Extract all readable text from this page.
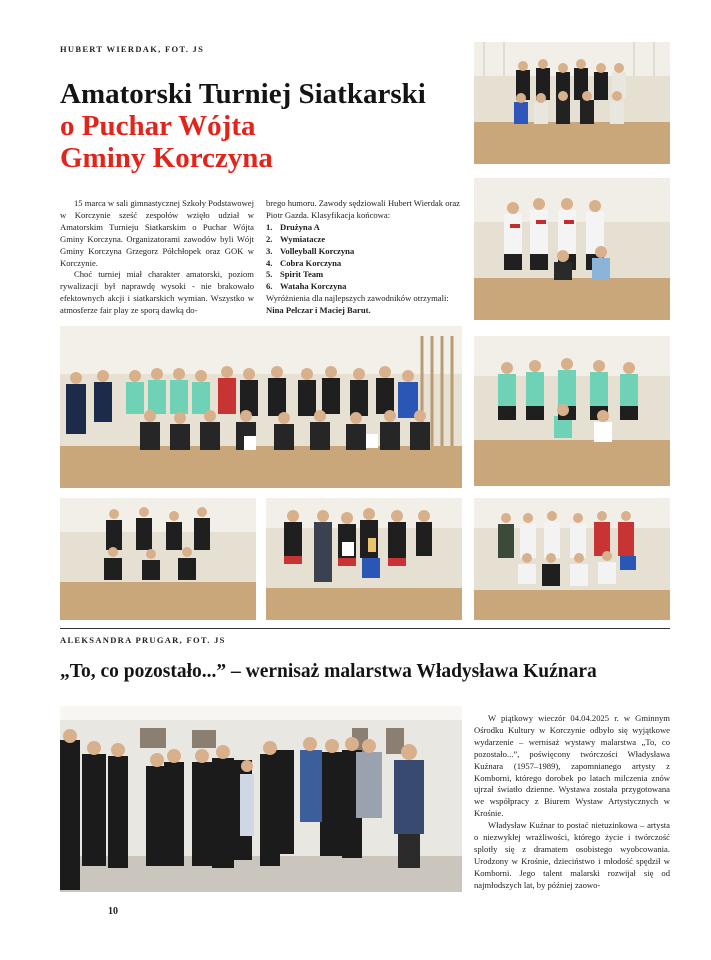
HUBERT WIERDAK, FOT. JS
Amatorski Turniej Siatkarski
o Puchar Wójta
Gminy Korczyna

15 marca w sali gimnastycznej Szkoły Podstawowej w Korczynie sześć zespołów wzięło udział w Amatorskim Turnieju Siatkarskim o Puchar Wójta Gminy Korczyna. Organizatorami zawodów byli Wójt Gminy Korczyna Grzegorz Półchłopek oraz GOK w Korczynie.

Choć turniej miał charakter amatorski, poziom rywalizacji był naprawdę wysoki - nie brakowało efektownych akcji i siatkarskich wymian. Wszystko w atmosferze fair play ze sporą dawką do-

brego humoru. Zawody sędziowali Hubert Wierdak oraz Piotr Gazda. Klasyfikacja końcowa:

1. Drużyna A
2. Wymiatacze
3. Volleyball Korczyna
4. Cobra Korczyna
5. Spirit Team
6. Wataha Korczyna

Wyróżnienia dla najlepszych zawodników otrzymali: Nina Pelczar i Maciej Barut.

ALEKSANDRA PRUGAR, FOT. JS
„To, co pozostało...” – wernisaż malarstwa Władysława Kuźnara

W piątkowy wieczór 04.04.2025 r. w Gminnym Ośrodku Kultury w Korczynie odbyło się wyjątkowe wydarzenie – wernisaż wystawy malarstwa „To, co pozostało...”, poświęcony twórczości Władysława Kuźnara (1957–1989), zapomnianego artysty z Komborni, którego dorobek po latach milczenia znów ujrzał światło dzienne. Wystawa została przygotowana we współpracy z Biurem Wystaw Artystycznych w Krośnie.

Władysław Kuźnar to postać nietuzinkowa – artysta o niezwykłej wrażliwości, którego życie i twórczość splotły się z dramatem osobistego wyobcowania. Urodzony w Krośnie, dzieciństwo i młodość spędził w Komborni. Jego talent malarski rozwijał się od najmłodszych lat, by później zaowo-

10
